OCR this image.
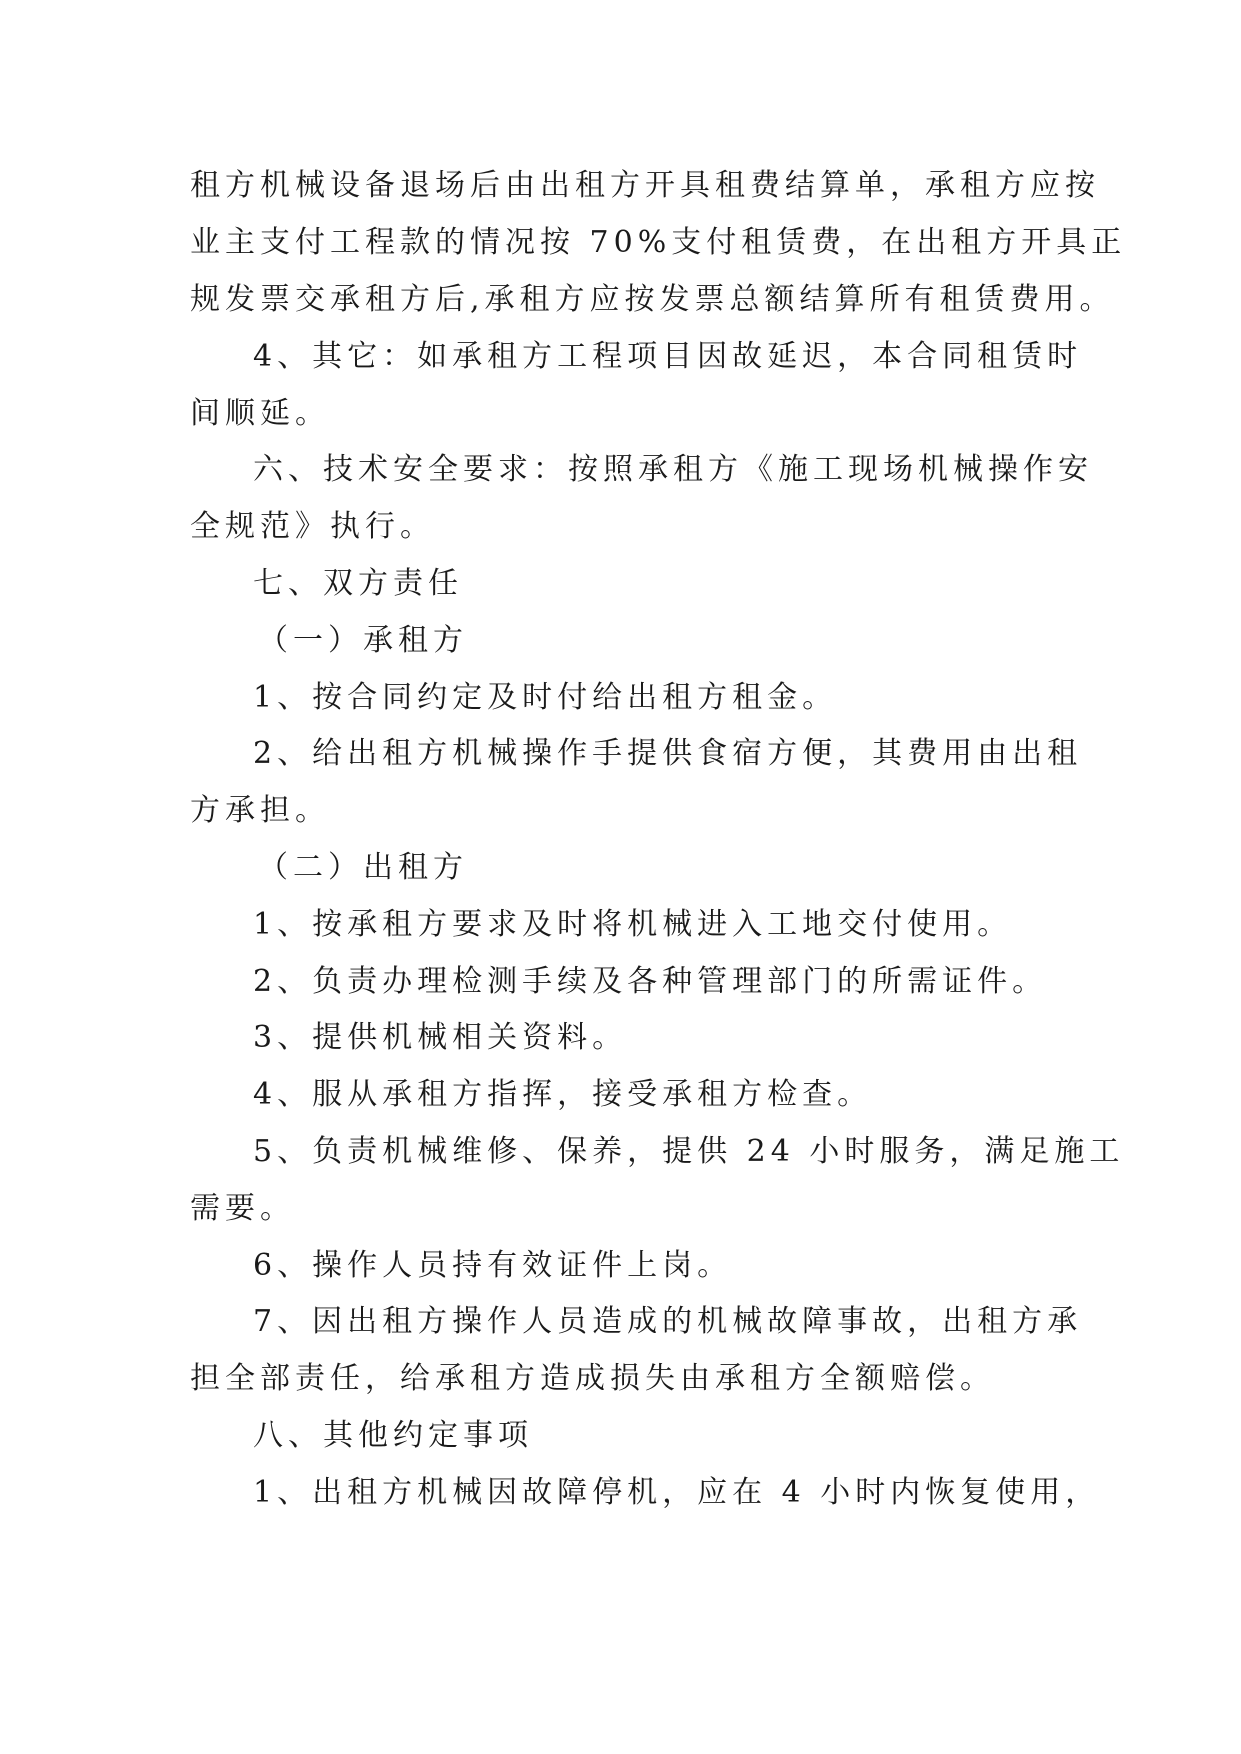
租方机械设备退场后由出租方开具租费结算单，承租方应按
业主支付工程款的情况按 70%支付租赁费，在出租方开具正
规发票交承租方后,承租方应按发票总额结算所有租赁费用。
4、其它：如承租方工程项目因故延迟，本合同租赁时
间顺延。
六、技术安全要求：按照承租方《施工现场机械操作安
全规范》执行。
七、双方责任
（一）承租方
1、按合同约定及时付给出租方租金。
2、给出租方机械操作手提供食宿方便，其费用由出租
方承担。
（二）出租方
1、按承租方要求及时将机械进入工地交付使用。
2、负责办理检测手续及各种管理部门的所需证件。
3、提供机械相关资料。
4、服从承租方指挥，接受承租方检查。
5、负责机械维修、保养，提供 24 小时服务，满足施工
需要。
6、操作人员持有效证件上岗。
7、因出租方操作人员造成的机械故障事故，出租方承
担全部责任，给承租方造成损失由承租方全额赔偿。
八、其他约定事项
1、出租方机械因故障停机，应在 4 小时内恢复使用，
